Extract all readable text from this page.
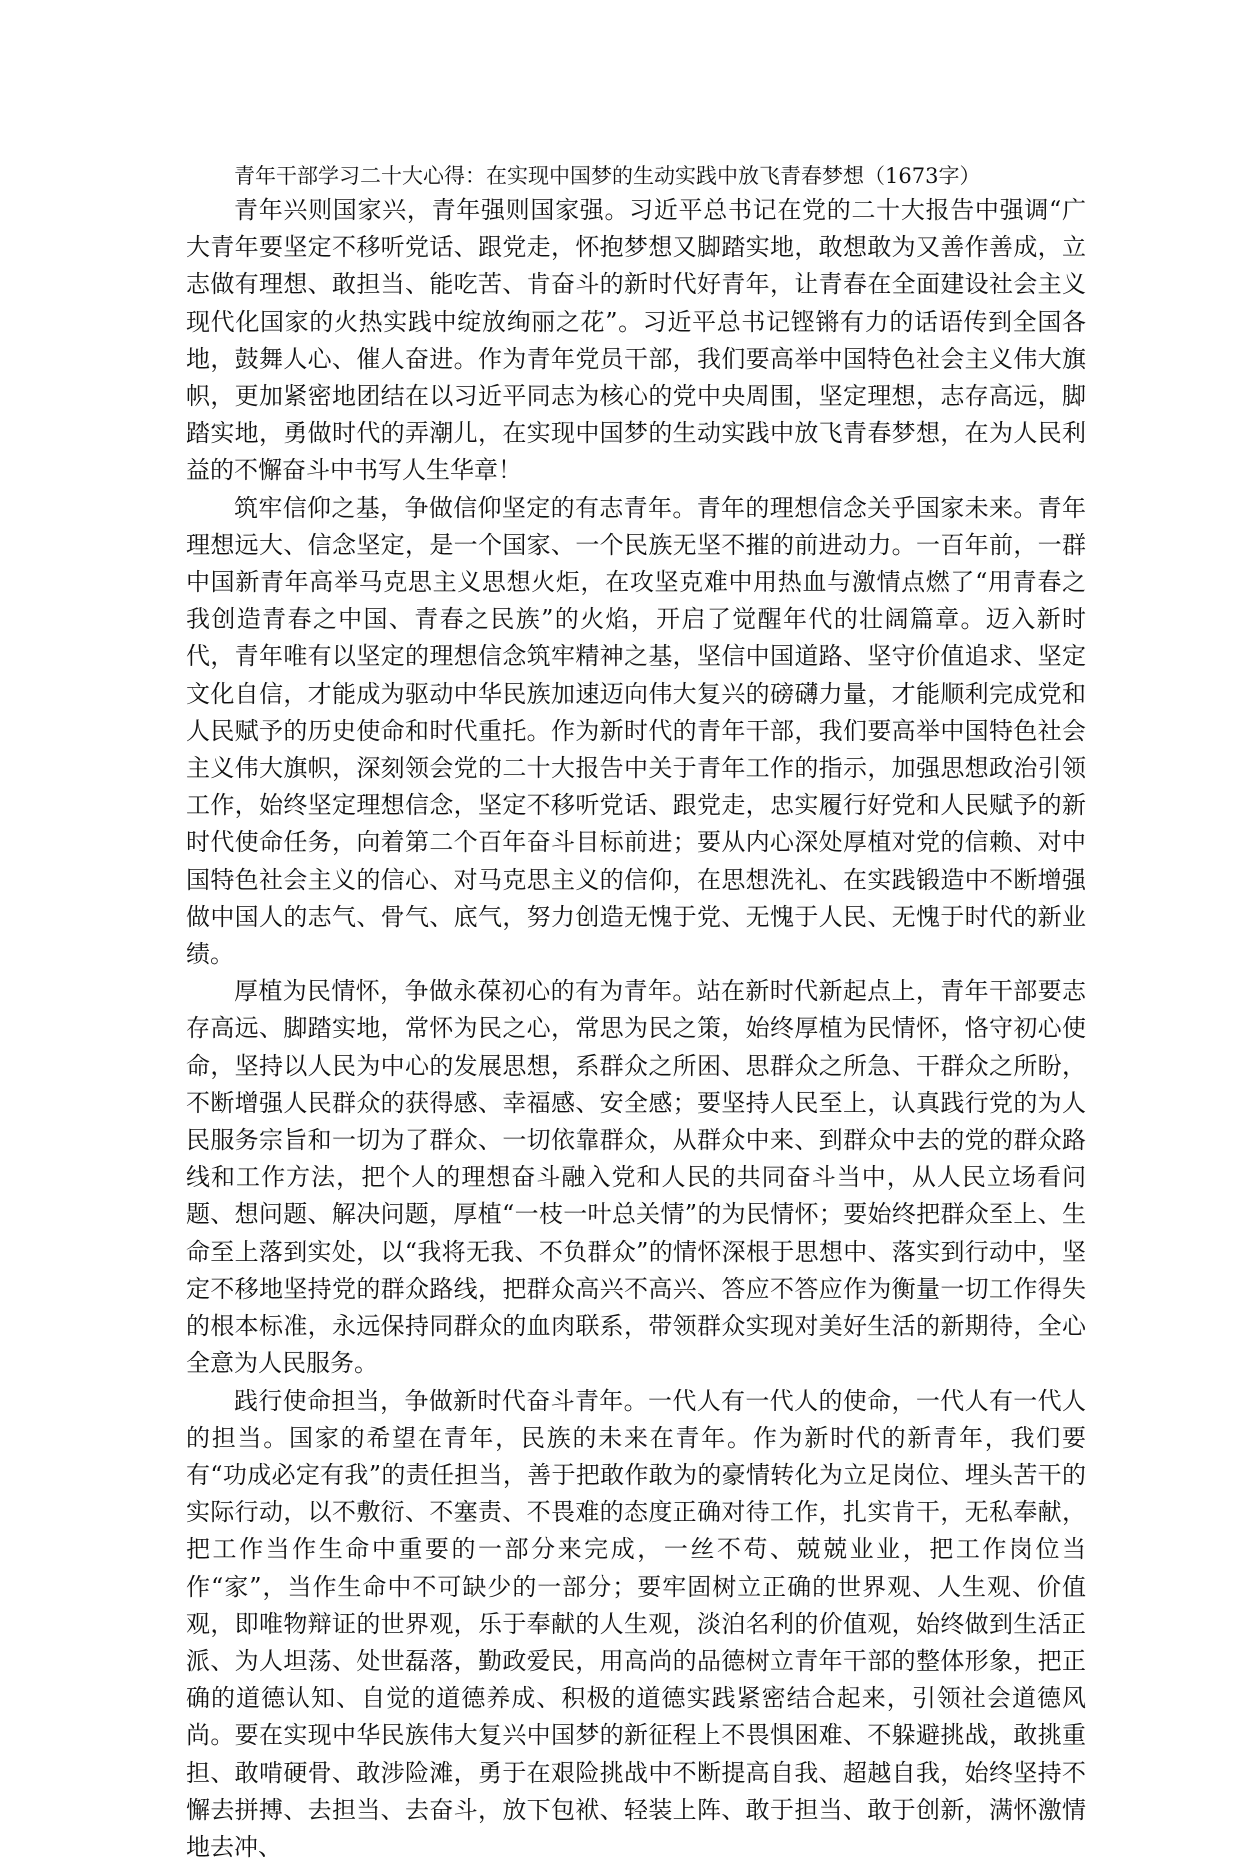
青年干部学习二十大心得：在实现中国梦的生动实践中放飞青春梦想（1673字）

青年兴则国家兴，青年强则国家强。习近平总书记在党的二十大报告中强调“广大青年要坚定不移听党话、跟党走，怀抱梦想又脚踏实地，敢想敢为又善作善成，立志做有理想、敢担当、能吃苦、肯奋斗的新时代好青年，让青春在全面建设社会主义现代化国家的火热实践中绽放绚丽之花”。习近平总书记铿锵有力的话语传到全国各地，鼓舞人心、催人奋进。作为青年党员干部，我们要高举中国特色社会主义伟大旗帜，更加紧密地团结在以习近平同志为核心的党中央周围，坚定理想，志存高远，脚踏实地，勇做时代的弄潮儿，在实现中国梦的生动实践中放飞青春梦想，在为人民利益的不懈奋斗中书写人生华章！

筑牢信仰之基，争做信仰坚定的有志青年。青年的理想信念关乎国家未来。青年理想远大、信念坚定，是一个国家、一个民族无坚不摧的前进动力。一百年前，一群中国新青年高举马克思主义思想火炬，在攻坚克难中用热血与激情点燃了“用青春之我创造青春之中国、青春之民族”的火焰，开启了觉醒年代的壮阔篇章。迈入新时代，青年唯有以坚定的理想信念筑牢精神之基，坚信中国道路、坚守价值追求、坚定文化自信，才能成为驱动中华民族加速迈向伟大复兴的磅礴力量，才能顺利完成党和人民赋予的历史使命和时代重托。作为新时代的青年干部，我们要高举中国特色社会主义伟大旗帜，深刻领会党的二十大报告中关于青年工作的指示，加强思想政治引领工作，始终坚定理想信念，坚定不移听党话、跟党走，忠实履行好党和人民赋予的新时代使命任务，向着第二个百年奋斗目标前进；要从内心深处厚植对党的信赖、对中国特色社会主义的信心、对马克思主义的信仰，在思想洗礼、在实践锻造中不断增强做中国人的志气、骨气、底气，努力创造无愧于党、无愧于人民、无愧于时代的新业绩。

厚植为民情怀，争做永葆初心的有为青年。站在新时代新起点上，青年干部要志存高远、脚踏实地，常怀为民之心，常思为民之策，始终厚植为民情怀，恪守初心使命，坚持以人民为中心的发展思想，系群众之所困、思群众之所急、干群众之所盼，不断增强人民群众的获得感、幸福感、安全感；要坚持人民至上，认真践行党的为人民服务宗旨和一切为了群众、一切依靠群众，从群众中来、到群众中去的党的群众路线和工作方法，把个人的理想奋斗融入党和人民的共同奋斗当中，从人民立场看问题、想问题、解决问题，厚植“一枝一叶总关情”的为民情怀；要始终把群众至上、生命至上落到实处，以“我将无我、不负群众”的情怀深根于思想中、落实到行动中，坚定不移地坚持党的群众路线，把群众高兴不高兴、答应不答应作为衡量一切工作得失的根本标准，永远保持同群众的血肉联系，带领群众实现对美好生活的新期待，全心全意为人民服务。

践行使命担当，争做新时代奋斗青年。一代人有一代人的使命，一代人有一代人的担当。国家的希望在青年，民族的未来在青年。作为新时代的新青年，我们要有“功成必定有我”的责任担当，善于把敢作敢为的豪情转化为立足岗位、埋头苦干的实际行动，以不敷衍、不塞责、不畏难的态度正确对待工作，扎实肯干，无私奉献，把工作当作生命中重要的一部分来完成，一丝不苟、兢兢业业，把工作岗位当作“家”，当作生命中不可缺少的一部分；要牢固树立正确的世界观、人生观、价值观，即唯物辩证的世界观，乐于奉献的人生观，淡泊名利的价值观，始终做到生活正派、为人坦荡、处世磊落，勤政爱民，用高尚的品德树立青年干部的整体形象，把正确的道德认知、自觉的道德养成、积极的道德实践紧密结合起来，引领社会道德风尚。要在实现中华民族伟大复兴中国梦的新征程上不畏惧困难、不躲避挑战，敢挑重担、敢啃硬骨、敢涉险滩，勇于在艰险挑战中不断提高自我、超越自我，始终坚持不懈去拼搏、去担当、去奋斗，放下包袱、轻装上阵、敢于担当、敢于创新，满怀激情地去冲、
